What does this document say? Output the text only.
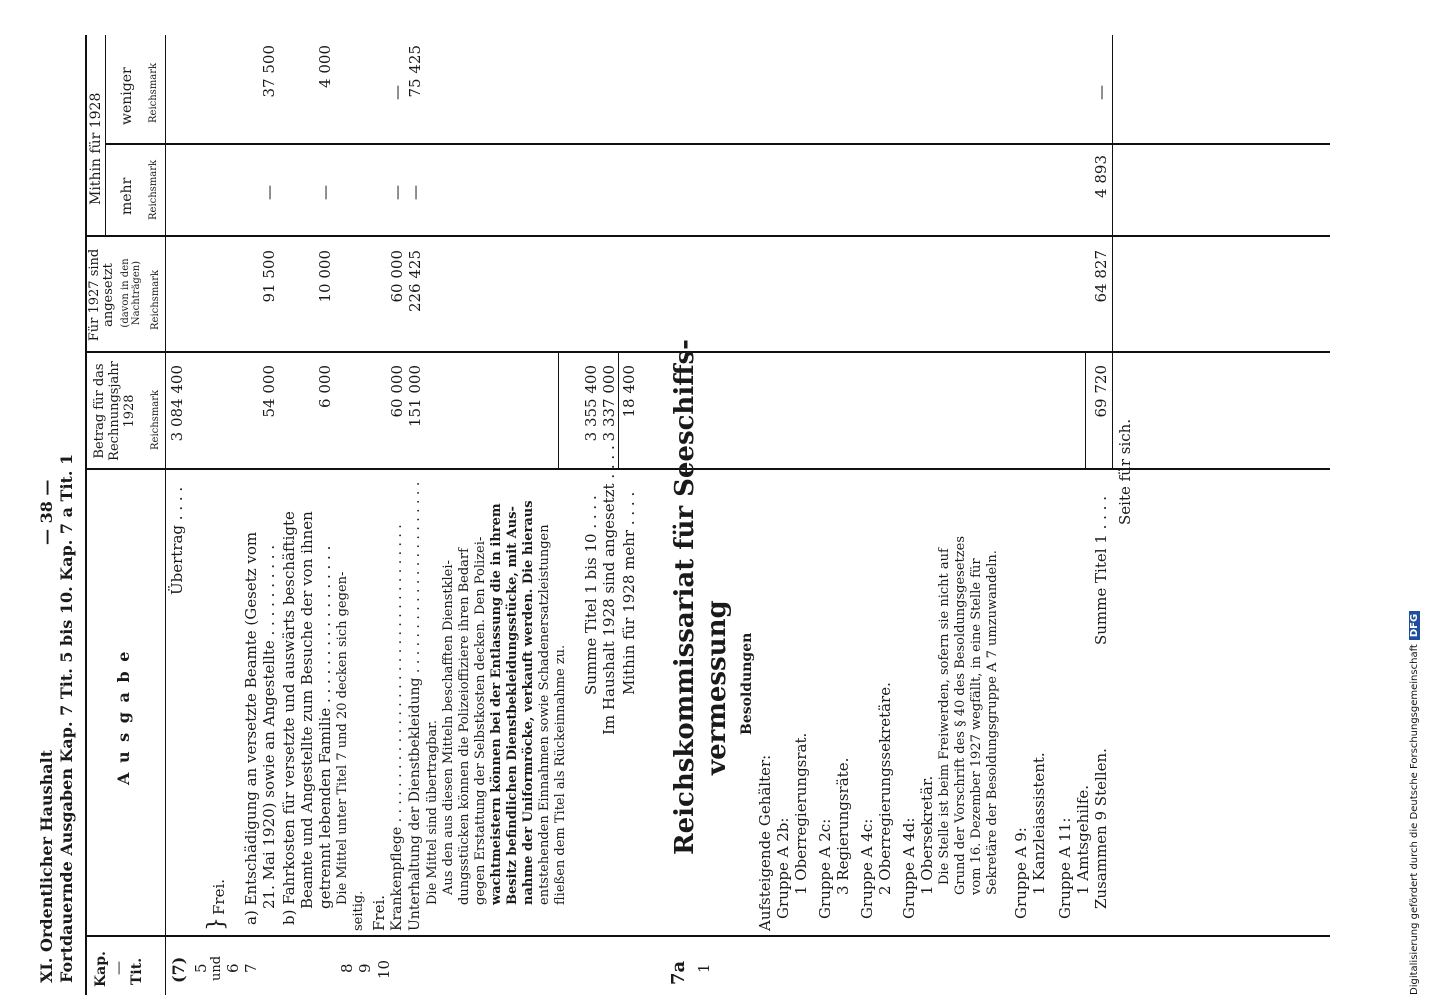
XI. Ordentlicher Haushalt Fortdauernde Ausgaben Kap. 7 Tit. 5 bis 10. Kap. 7 a Tit. 1
— 38 —
Kap. — Tit.
A u s g a b e
Betrag für das Rechnungsjahr 1928 Reichsmark
Für 1927 sind angesetzt (davon in den Nachträgen) Reichsmark
Mithin für 1928 mehr Reichsmark
weniger Reichsmark
(7) 5 und 6 7	8 9 10	7a 1
Übertrag . . . .
3 084 400
}
Frei. a) Entschädigung an versetzte Beamte (Gesetz vom 21. Mai 1920) sowie an Angestellte . . . . . . . . . .
54 000
91 500
—
37 500
b) Fahrkosten für versetzte und auswärts beschäftigte Beamte und Angestellte zum Besuche der von ihnen getrennt lebenden Familie . . . . . . . . . . . . . . . . .
6 000
10 000
—
4 000
Die Mittel unter Titel 7 und 20 decken sich gegen-
seitig. Frei. Krankenpflege . . . . . . . . . . . . . . . . . . . . . . . . . . . . . . . . . .
60 000
60 000
—
—
Unterhaltung der Dienstbekleidung . . . . . . . . . . . . . . . . . . . . . .
151 000
226 425
—
75 425
Die Mittel sind übertragbar. Aus den aus diesen Mitteln beschafften Dienstklei- dungsstücken können die Polizeioffiziere ihren Bedarf gegen Erstattung der Selbstkosten decken. Den Polizei- wachtmeistern können bei der Entlassung die in ihrem Besitz befindlichen Dienstbekleidungsstücke, mit Aus- nahme der Uniformröcke, verkauft werden. Die hieraus entstehenden Einnahmen sowie Schadenersatzleistungen fließen dem Titel als Rückeinnahme zu.
Summe Titel 1 bis 10 . . . .
3 355 400
Im Haushalt 1928 sind angesetzt . . . .
3 337 000
Mithin für 1928 mehr . . . .
18 400 Reichskommissariat für Seeschiffs- vermessung Besoldungen
Aufsteigende Gehälter: Gruppe A 2b: 1 Oberregierungsrat. Gruppe A 2c: 3 Regierungsräte. Gruppe A 4c: 2 Oberregierungssekretäre. Gruppe A 4d: 1 Obersekretär. Die Stelle ist beim Freiwerden, sofern sie nicht auf Grund der Vorschrift des § 40 des Besoldungsgesetzes vom 16. Dezember 1927 wegfällt, in eine Stelle für Sekretäre der Besoldungsgruppe A 7 umzuwandeln. Gruppe A 9: 1 Kanzleiassistent. Gruppe A 11: 1 Amtsgehilfe. Zusammen 9 Stellen.
Summe Titel 1 . . . .
69 720
64 827
4 893
—
Seite für sich.
Digitalisierung gefördert durch die Deutsche ForschungsgemeinschaftDFG
